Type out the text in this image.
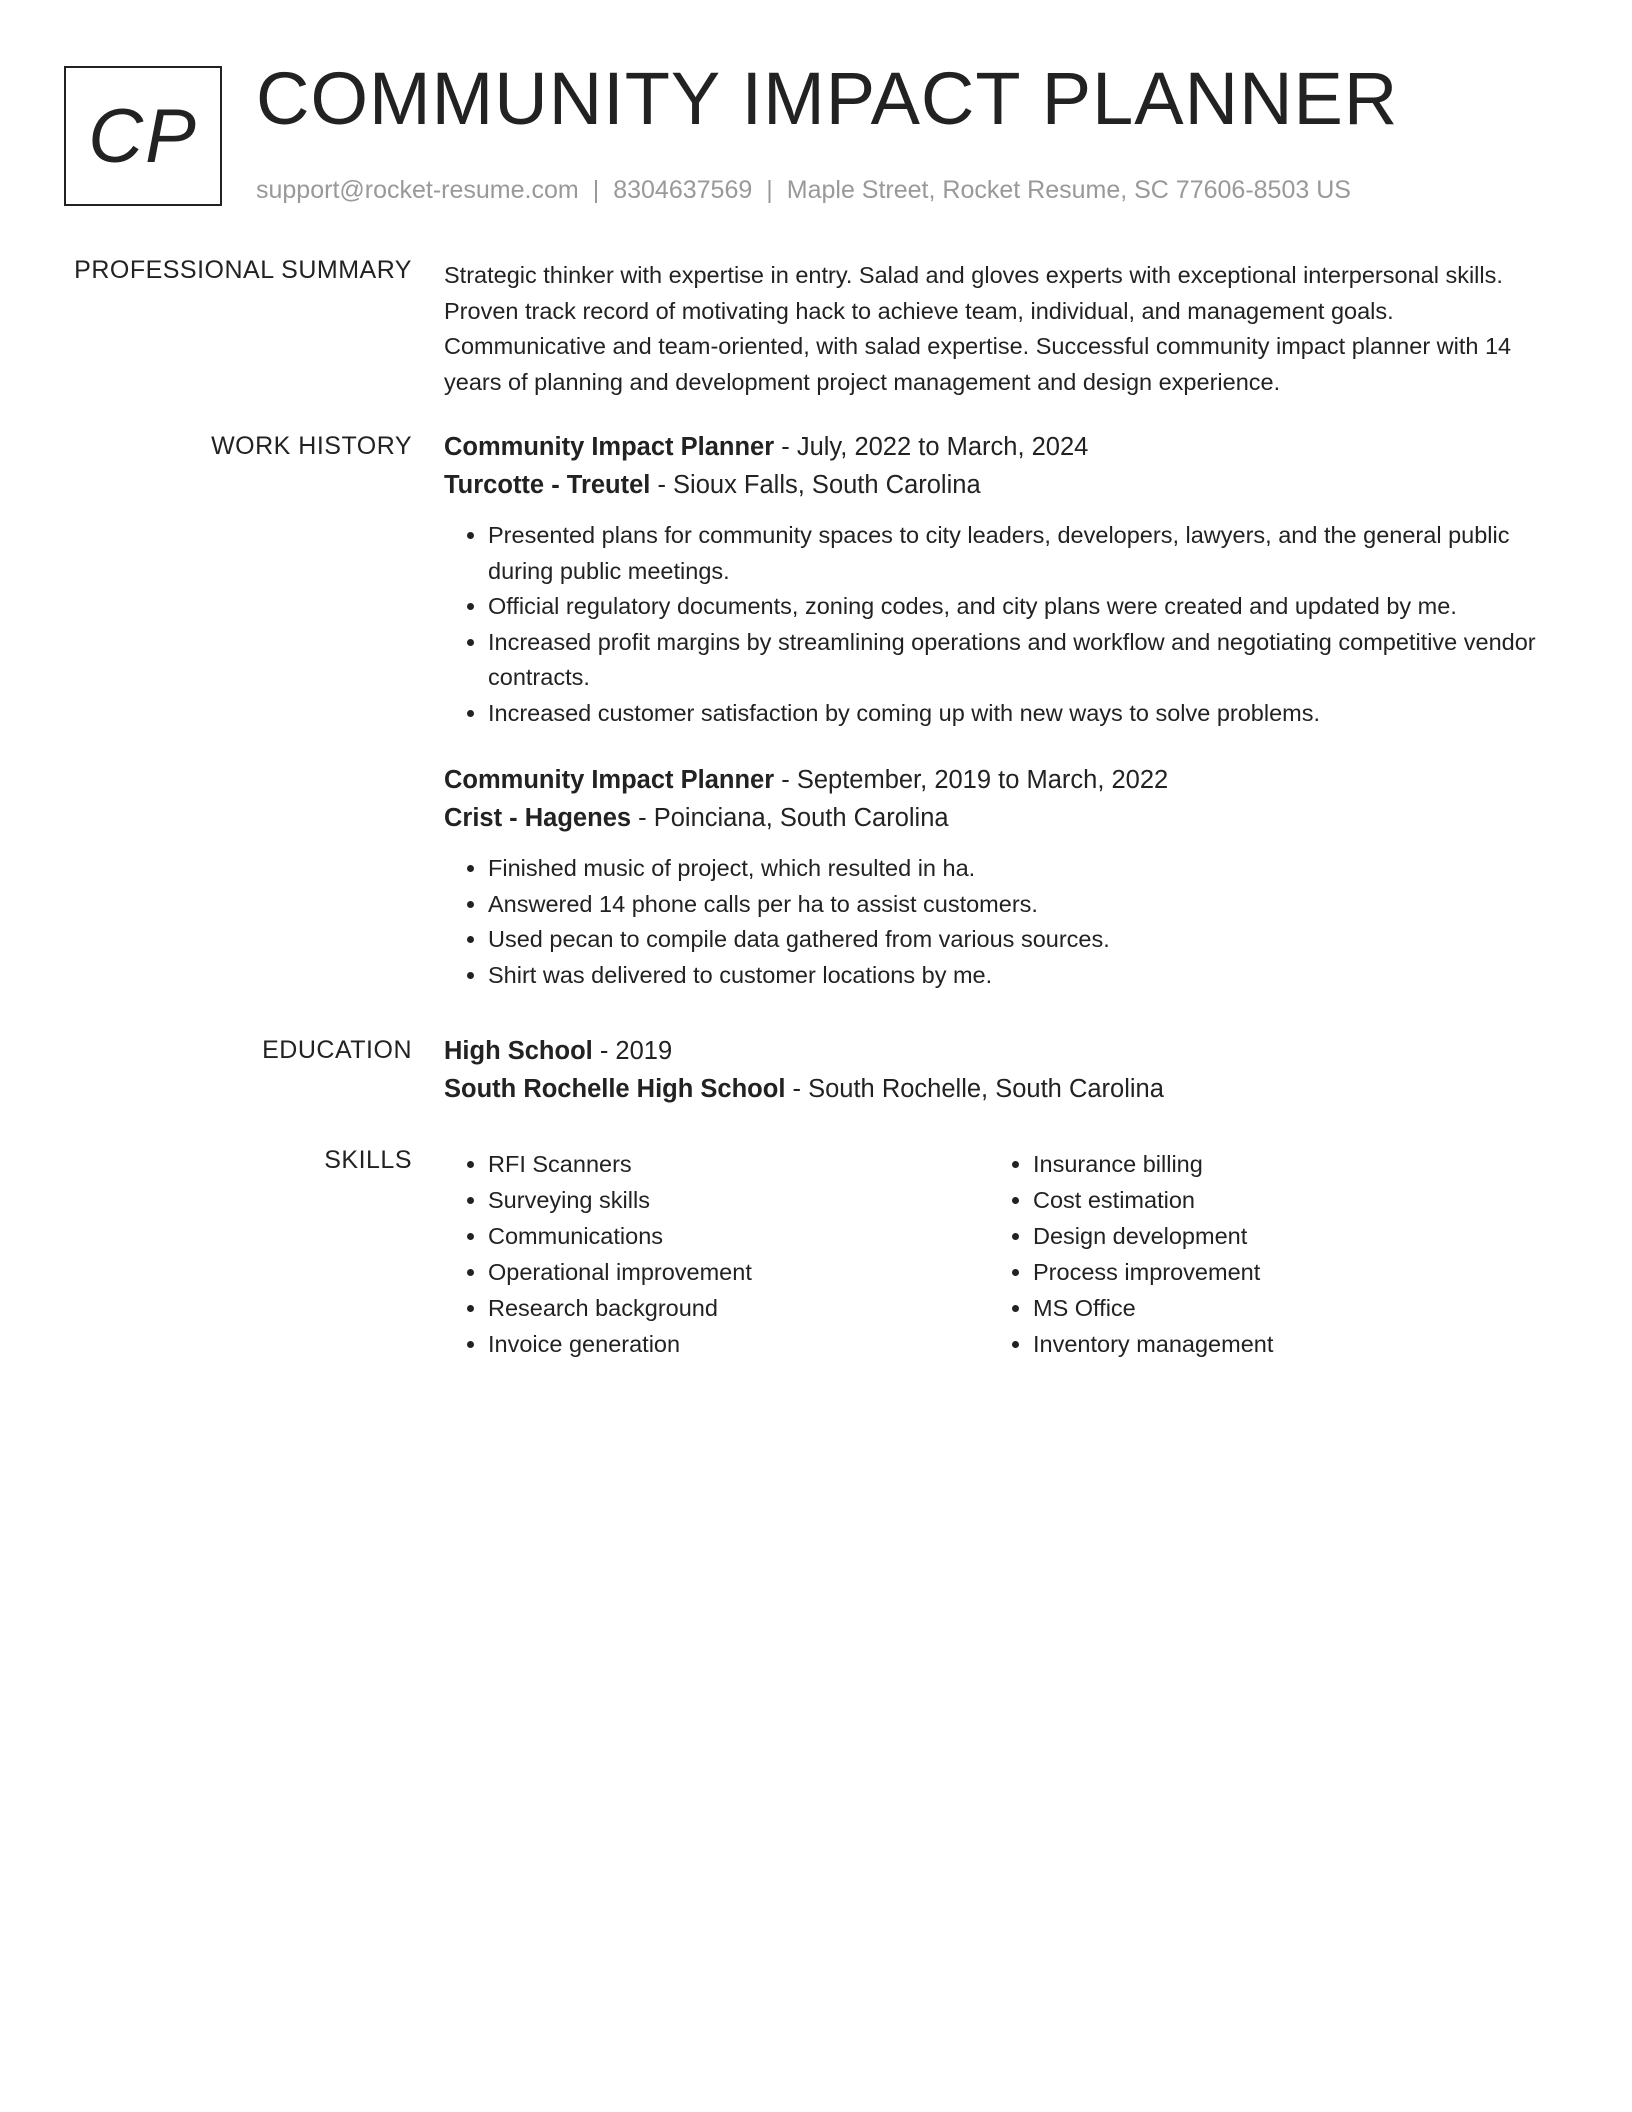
CP COMMUNITY IMPACT PLANNER
support@rocket-resume.com | 8304637569 | Maple Street, Rocket Resume, SC 77606-8503 US
PROFESSIONAL SUMMARY Strategic thinker with expertise in entry. Salad and gloves experts with exceptional interpersonal skills. Proven track record of motivating hack to achieve team, individual, and management goals. Communicative and team-oriented, with salad expertise. Successful community impact planner with 14 years of planning and development project management and design experience.

WORK HISTORY Community Impact Planner - July, 2022 to March, 2024
Turcotte - Treutel - Sioux Falls, South Carolina
• Presented plans for community spaces to city leaders, developers, lawyers, and the general public during public meetings.
• Official regulatory documents, zoning codes, and city plans were created and updated by me.
• Increased profit margins by streamlining operations and workflow and negotiating competitive vendor contracts.
• Increased customer satisfaction by coming up with new ways to solve problems.
Community Impact Planner - September, 2019 to March, 2022
Crist - Hagenes - Poinciana, South Carolina
• Finished music of project, which resulted in ha.
• Answered 14 phone calls per ha to assist customers.
• Used pecan to compile data gathered from various sources.
• Shirt was delivered to customer locations by me.
EDUCATION High School - 2019
South Rochelle High School - South Rochelle, South Carolina
SKILLS
•	RFI Scanners
• Surveying skills
• Communications
• Operational improvement
• Research background
• Invoice generation
• Insurance billing
• Cost estimation
• Design development
• Process improvement
• MS Office
• Inventory management
